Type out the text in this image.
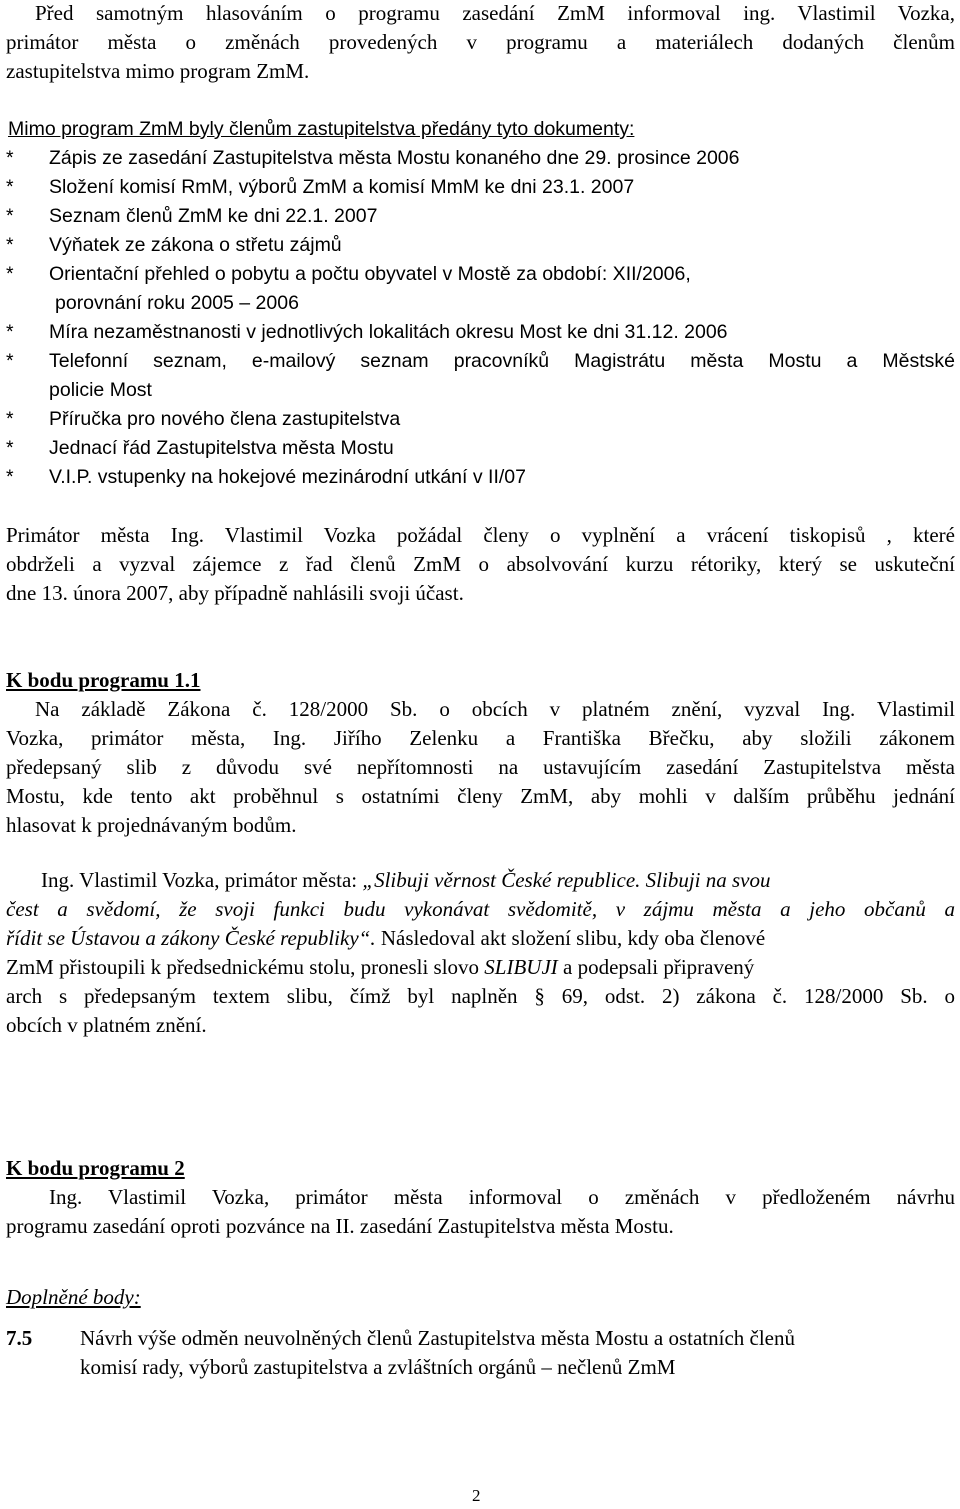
Před samotným hlasováním o programu zasedání ZmM informoval ing. Vlastimil Vozka,
primátor města o změnách provedených v programu a materiálech dodaných členům
zastupitelstva mimo program ZmM.
Mimo program ZmM byly členům zastupitelstva předány tyto dokumenty:
* Zápis ze zasedání Zastupitelstva města Mostu konaného dne 29. prosince 2006
* Složení komisí RmM, výborů ZmM a komisí MmM ke dni 23.1. 2007
* Seznam členů ZmM ke dni 22.1. 2007
* Výňatek ze zákona o střetu zájmů
* Orientační přehled o pobytu a počtu obyvatel v Mostě za období: XII/2006,
porovnání roku 2005 – 2006
* Míra nezaměstnanosti v jednotlivých lokalitách okresu Most ke dni 31.12. 2006
* Telefonní seznam, e-mailový seznam pracovníků Magistrátu města Mostu a Městské
policie Most
* Příručka pro nového člena zastupitelstva
* Jednací řád Zastupitelstva města Mostu
* V.I.P. vstupenky na hokejové mezinárodní utkání v II/07
Primátor města Ing. Vlastimil Vozka požádal členy o vyplnění a vrácení tiskopisů , které
obdrželi a vyzval zájemce z řad členů ZmM o absolvování kurzu rétoriky, který se uskuteční
dne 13. února 2007, aby případně nahlásili svoji účast.
K bodu programu 1.1
Na základě Zákona č. 128/2000 Sb. o obcích v platném znění, vyzval Ing. Vlastimil
Vozka, primátor města, Ing. Jiřího Zelenku a Františka Břečku, aby složili zákonem
předepsaný slib z důvodu své nepřítomnosti na ustavujícím zasedání Zastupitelstva města
Mostu, kde tento akt proběhnul s ostatními členy ZmM, aby mohli v dalším průběhu jednání
hlasovat k projednávaným bodům.
Ing. Vlastimil Vozka, primátor města: „Slibuji věrnost České republice. Slibuji na svou
čest a svědomí, že svoji funkci budu vykonávat svědomitě, v zájmu města a jeho občanů a
řídit se Ústavou a zákony České republiky“. Následoval akt složení slibu, kdy oba členové
ZmM přistoupili k předsednickému stolu, pronesli slovo SLIBUJI a podepsali připravený
arch s předepsaným textem slibu, čímž byl naplněn § 69, odst. 2) zákona č. 128/2000 Sb. o
obcích v platném znění.
K bodu programu 2
Ing. Vlastimil Vozka, primátor města informoval o změnách v předloženém návrhu
programu zasedání oproti pozvánce na II. zasedání Zastupitelstva města Mostu.
Doplněné body:
7.5 Návrh výše odměn neuvolněných členů Zastupitelstva města Mostu a ostatních členů
komisí rady, výborů zastupitelstva a zvláštních orgánů – nečlenů ZmM
2
